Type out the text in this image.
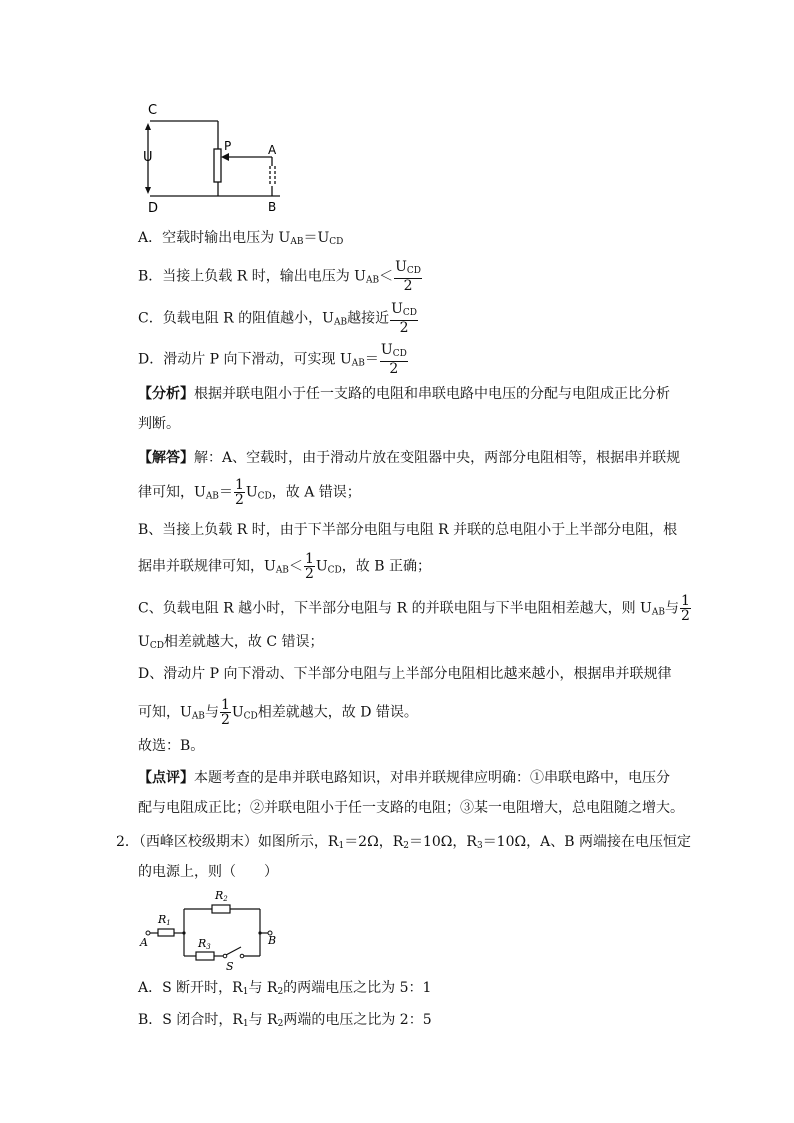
C
U
P	A
D	B
A．空载时输出电压为 $U_{AB}=U_{CD}$
B．当接上负载 R 时，输出电压为 $U_{AB}< \frac{U_{CD}}{2}$
C．负载电阻 R 的阻值越小，$U_{AB}$越接近 $\frac{U_{CD}}{2}$
D．滑动片 P 向下滑动，可实现 $U_{AB}= \frac{U_{CD}}{2}$
【分析】根据并联电阻小于任一支路的电阻和串联电路中电压的分配与电阻成正比分析
判断。
【解答】解：A、空载时，由于滑动片放在变阻器中央，两部分电阻相等，根据串并联规
律可知，$U_{AB}= \frac{1}{2} U_{CD}$，故 A 错误；
B、当接上负载 R 时，由于下半部分电阻与电阻 R 并联的总电阻小于上半部分电阻，根
据串并联规律可知，$U_{AB}< \frac{1}{2} U_{CD}$，故 B 正确；
C、负载电阻 R 越小时，下半部分电阻与 R 的并联电阻与下半电阻相差越大，则 $U_{AB}$与 $\frac{1}{2}$
$U_{CD}$相差就越大，故 C 错误；
D、滑动片 P 向下滑动、下半部分电阻与上半部分电阻相比越来越小，根据串并联规律
可知，$U_{AB}$与 $\frac{1}{2} U_{CD}$相差就越大，故 D 错误。
故选：B。
【点评】本题考查的是串并联电路知识，对串并联规律应明确：①串联电路中，电压分
配与电阻成正比；②并联电阻小于任一支路的电阻；③某一电阻增大，总电阻随之增大。
2．（西峰区校级期末）如图所示，$R_1=2\Omega$，$R_2=10\Omega$，$R_3=10\Omega$，A、B 两端接在电压恒定
的电源上，则（　　）
R1
R2
R3
A	B
S
A．S 断开时，$R_1$与 $R_2$的两端电压之比为 5：1
B．S 闭合时，$R_1$与 $R_2$两端的电压之比为 2：5
